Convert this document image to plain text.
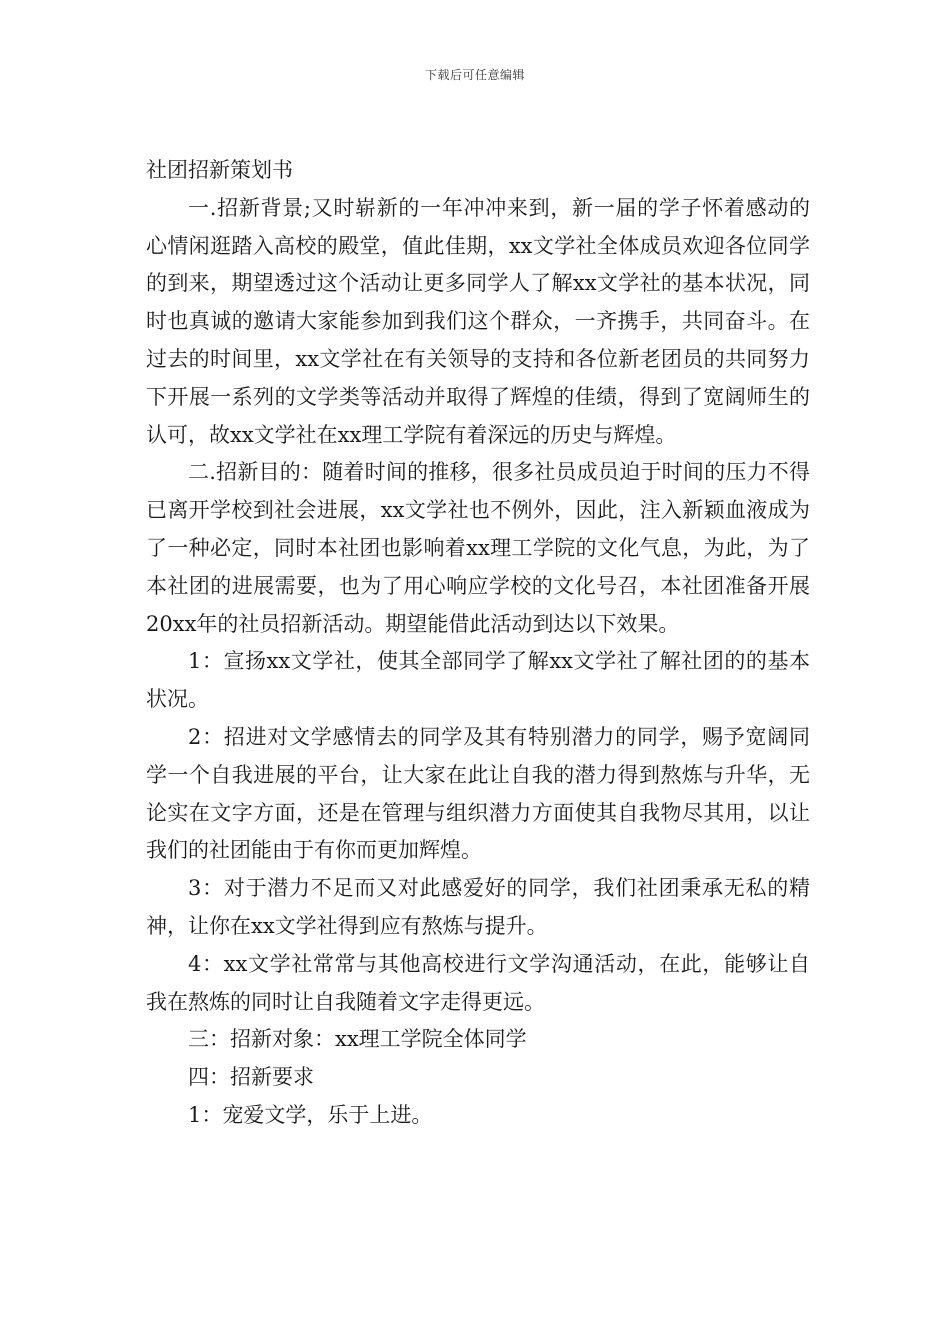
下载后可任意编辑
社团招新策划书

一.招新背景;又时崭新的一年冲冲来到，新一届的学子怀着感动的心情闲逛踏入高校的殿堂，值此佳期，xx文学社全体成员欢迎各位同学的到来，期望透过这个活动让更多同学人了解xx文学社的基本状况，同时也真诚的邀请大家能参加到我们这个群众，一齐携手，共同奋斗。在过去的时间里，xx文学社在有关领导的支持和各位新老团员的共同努力下开展一系列的文学类等活动并取得了辉煌的佳绩，得到了宽阔师生的认可，故xx文学社在xx理工学院有着深远的历史与辉煌。

二.招新目的：随着时间的推移，很多社员成员迫于时间的压力不得已离开学校到社会进展，xx文学社也不例外，因此，注入新颖血液成为了一种必定，同时本社团也影响着xx理工学院的文化气息，为此，为了本社团的进展需要，也为了用心响应学校的文化号召，本社团准备开展20xx年的社员招新活动。期望能借此活动到达以下效果。

1：宣扬xx文学社，使其全部同学了解xx文学社了解社团的的基本状况。

2：招进对文学感情去的同学及其有特别潜力的同学，赐予宽阔同学一个自我进展的平台，让大家在此让自我的潜力得到熬炼与升华，无论实在文字方面，还是在管理与组织潜力方面使其自我物尽其用，以让我们的社团能由于有你而更加辉煌。

3：对于潜力不足而又对此感爱好的同学，我们社团秉承无私的精神，让你在xx文学社得到应有熬炼与提升。

4：xx文学社常常与其他高校进行文学沟通活动，在此，能够让自我在熬炼的同时让自我随着文字走得更远。

三：招新对象：xx理工学院全体同学

四：招新要求

1：宠爱文学，乐于上进。
